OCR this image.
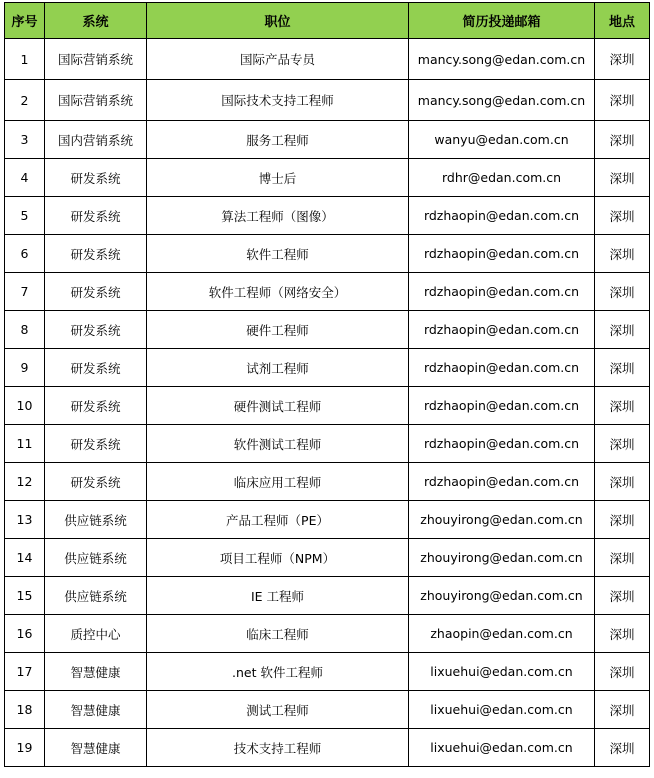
序号	系统	职位	简历投递邮箱	地点
1	国际营销系统	国际产品专员	mancy.song@edan.com.cn	深圳
2	国际营销系统	国际技术支持工程师	mancy.song@edan.com.cn	深圳
3	国内营销系统	服务工程师	wanyu@edan.com.cn	深圳
4	研发系统	博士后	rdhr@edan.com.cn	深圳
5	研发系统	算法工程师（图像）	rdzhaopin@edan.com.cn	深圳
6	研发系统	软件工程师	rdzhaopin@edan.com.cn	深圳
7	研发系统	软件工程师（网络安全）	rdzhaopin@edan.com.cn	深圳
8	研发系统	硬件工程师	rdzhaopin@edan.com.cn	深圳
9	研发系统	试剂工程师	rdzhaopin@edan.com.cn	深圳
10	研发系统	硬件测试工程师	rdzhaopin@edan.com.cn	深圳
11	研发系统	软件测试工程师	rdzhaopin@edan.com.cn	深圳
12	研发系统	临床应用工程师	rdzhaopin@edan.com.cn	深圳
13	供应链系统	产品工程师（PE）	zhouyirong@edan.com.cn	深圳
14	供应链系统	项目工程师（NPM）	zhouyirong@edan.com.cn	深圳
15	供应链系统	IE 工程师	zhouyirong@edan.com.cn	深圳
16	质控中心	临床工程师	zhaopin@edan.com.cn	深圳
17	智慧健康	.net 软件工程师	lixuehui@edan.com.cn	深圳
18	智慧健康	测试工程师	lixuehui@edan.com.cn	深圳
19	智慧健康	技术支持工程师	lixuehui@edan.com.cn	深圳
